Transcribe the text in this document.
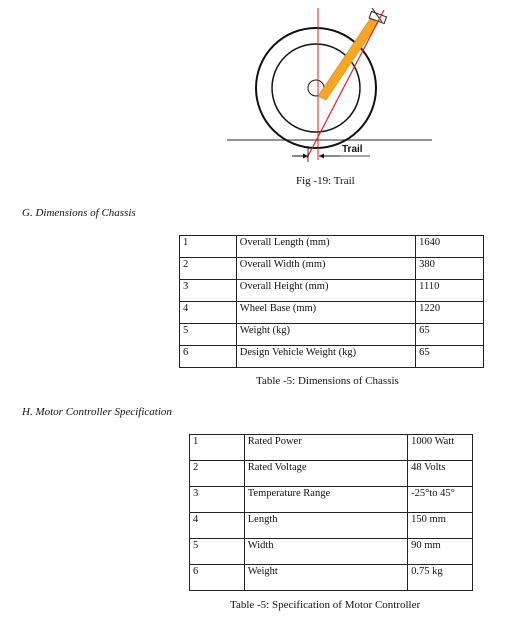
Trail
Fig -19: Trail
G. Dimensions of Chassis
1	Overall Length (mm)	1640
2	Overall Width (mm)	380
3	Overall Height (mm)	1110
4	Wheel Base (mm)	1220
5	Weight (kg)	65
6	Design Vehicle Weight (kg)	65
Table -5: Dimensions of Chassis
H. Motor Controller Specification
1	Rated Power	1000 Watt
2	Rated Voltage	48 Volts
3	Temperature Range	-25°to 45°
4	Length	150 mm
5	Width	90 mm
6	Weight	0.75 kg
Table -5: Specification of Motor Controller
